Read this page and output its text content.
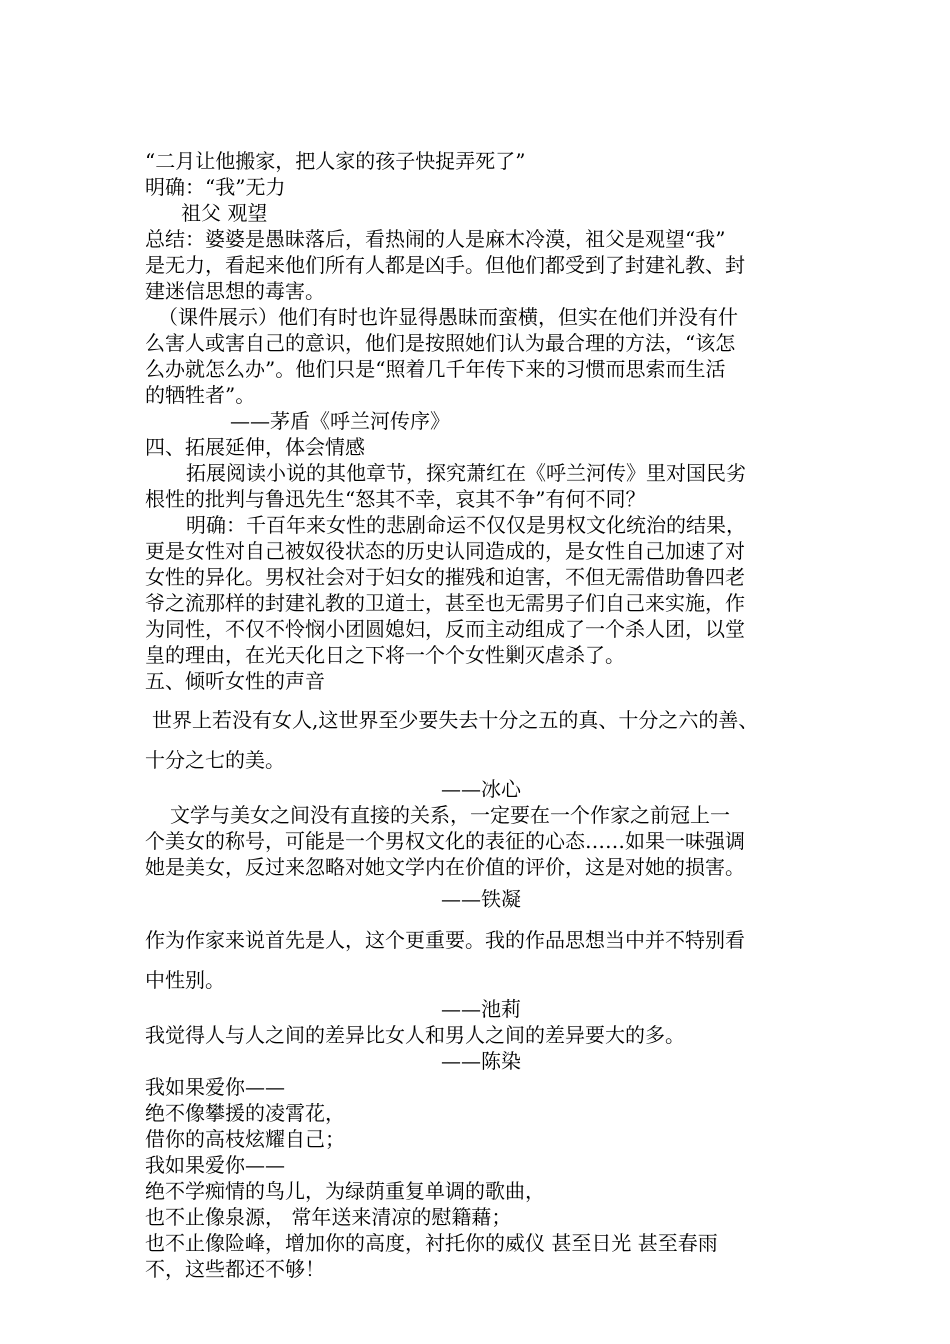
“二月让他搬家，把人家的孩子快捉弄死了”
明确：“我”无力
祖父 观望
总结：婆婆是愚昧落后，看热闹的人是麻木冷漠，祖父是观望“我”
是无力，看起来他们所有人都是凶手。但他们都受到了封建礼教、封
建迷信思想的毒害。
（课件展示）他们有时也许显得愚昧而蛮横，但实在他们并没有什
么害人或害自己的意识，他们是按照她们认为最合理的方法，“该怎
么办就怎么办”。他们只是“照着几千年传下来的习惯而思索而生活
的牺牲者”。
——茅盾《呼兰河传序》
四、拓展延伸，体会情感
拓展阅读小说的其他章节，探究萧红在《呼兰河传》里对国民劣
根性的批判与鲁迅先生“怒其不幸，哀其不争”有何不同？
明确：千百年来女性的悲剧命运不仅仅是男权文化统治的结果，
更是女性对自己被奴役状态的历史认同造成的，是女性自己加速了对
女性的异化。男权社会对于妇女的摧残和迫害，不但无需借助鲁四老
爷之流那样的封建礼教的卫道士，甚至也无需男子们自己来实施，作
为同性，不仅不怜悯小团圆媳妇，反而主动组成了一个杀人团，以堂
皇的理由，在光天化日之下将一个个女性剿灭虐杀了。
五、倾听女性的声音
世界上若没有女人,这世界至少要失去十分之五的真、十分之六的善、
十分之七的美。
——冰心
文学与美女之间没有直接的关系，一定要在一个作家之前冠上一
个美女的称号，可能是一个男权文化的表征的心态……如果一味强调
她是美女，反过来忽略对她文学内在价值的评价，这是对她的损害。
——铁凝
作为作家来说首先是人，这个更重要。我的作品思想当中并不特别看
中性别。
——池莉
我觉得人与人之间的差异比女人和男人之间的差异要大的多。
——陈染
我如果爱你——
绝不像攀援的凌霄花，
借你的高枝炫耀自己；
我如果爱你——
绝不学痴情的鸟儿，为绿荫重复单调的歌曲，
也不止像泉源， 常年送来清凉的慰籍藉；
也不止像险峰，增加你的高度，衬托你的威仪 甚至日光 甚至春雨
不，这些都还不够！
